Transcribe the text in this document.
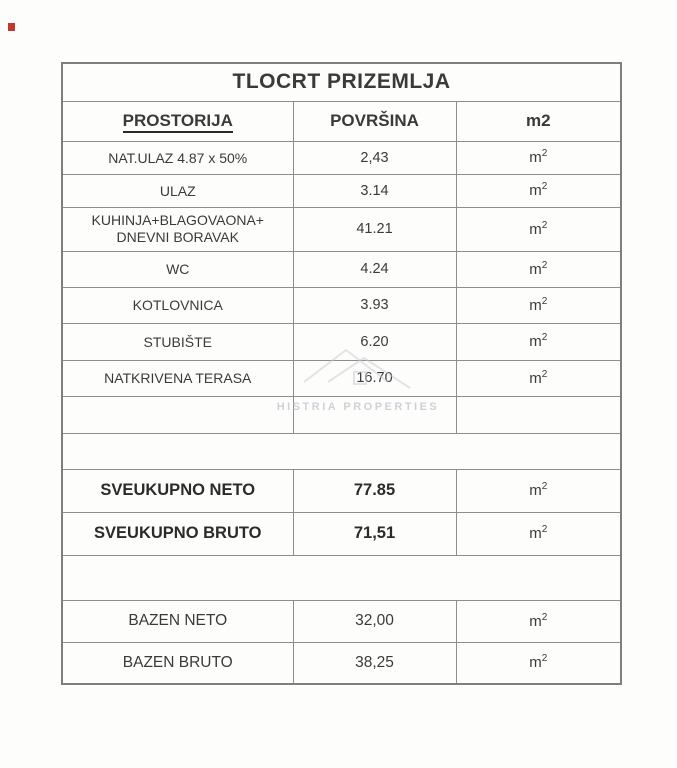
HISTRIA PROPERTIES
TLOCRT PRIZEMLJA		
PROSTORIJA	POVRŠINA	m2
NAT.ULAZ 4.87 x 50%	2,43	$m^2$
ULAZ	3.14	$m^2$
KUHINJA+BLAGOVAONA+ DNEVNI BORAVAK	41.21	$m^2$
WC	4.24	$m^2$
KOTLOVNICA	3.93	$m^2$
STUBIŠTE	6.20	$m^2$
NATKRIVENA TERASA	16.70	$m^2$

SVEUKUPNO NETO	77.85	$m^2$
SVEUKUPNO BRUTO	71,51	$m^2$

BAZEN NETO	32,00	$m^2$
BAZEN BRUTO	38,25	$m^2$
